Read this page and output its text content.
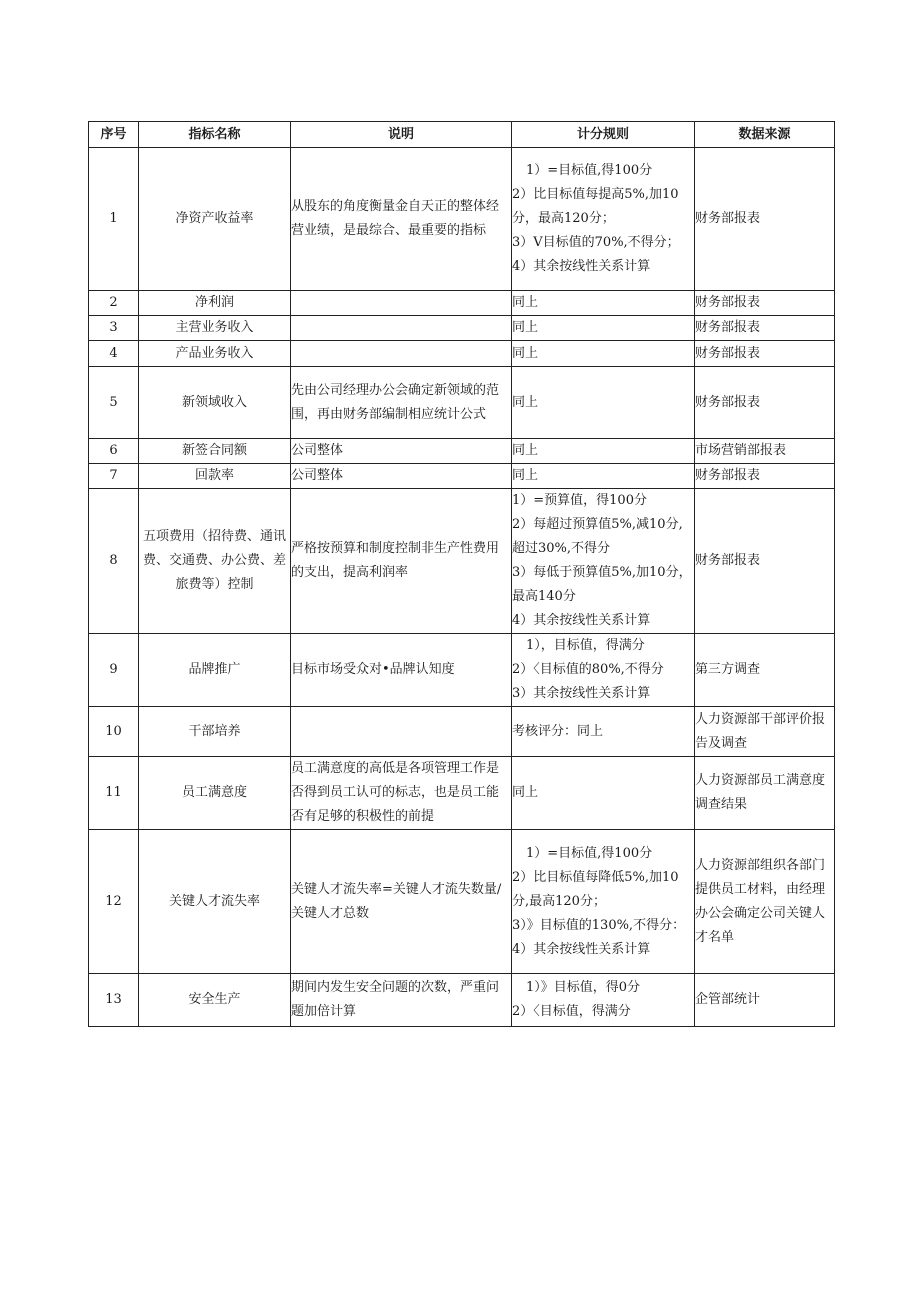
序号	指标名称	说明	计分规则	数据来源
1	净资产收益率	从股东的角度衡量金自天正的整体经营业绩，是最综合、最重要的指标	1）=目标值,得100分
2）比目标值每提高5%,加10分，最高120分；
3）V目标值的70%,不得分；
4）其余按线性关系计算	财务部报表
2	净利润		同上	财务部报表
3	主营业务收入		同上	财务部报表
4	产品业务收入		同上	财务部报表
5	新领域收入	先由公司经理办公会确定新领域的范围，再由财务部编制相应统计公式	同上	财务部报表
6	新签合同额	公司整体	同上	市场营销部报表
7	回款率	公司整体	同上	财务部报表
8	五项费用（招待费、通讯费、交通费、办公费、差旅费等）控制	严格按预算和制度控制非生产性费用的支出，提高利润率	1）=预算值，得100分
2）每超过预算值5%,减10分,超过30%,不得分
3）每低于预算值5%,加10分，最高140分
4）其余按线性关系计算	财务部报表
9	品牌推广	目标市场受众对•品牌认知度	1），目标值，得满分
2）〈目标值的80%,不得分
3）其余按线性关系计算	第三方调查
10	干部培养		考核评分：同上	人力资源部干部评价报告及调查
11	员工满意度	员工满意度的高低是各项管理工作是否得到员工认可的标志，也是员工能否有足够的积极性的前提	同上	人力资源部员工满意度调查结果
12	关键人才流失率	关键人才流失率=关键人才流失数量/关键人才总数	1）=目标值,得100分
2）比目标值每降低5%,加10分,最高120分；
3）》目标值的130%,不得分：
4）其余按线性关系计算	人力资源部组织各部门提供员工材料，由经理办公会确定公司关键人才名单
13	安全生产	期间内发生安全问题的次数，严重问题加倍计算	1）》目标值，得0分
2）〈目标值，得满分	企管部统计
